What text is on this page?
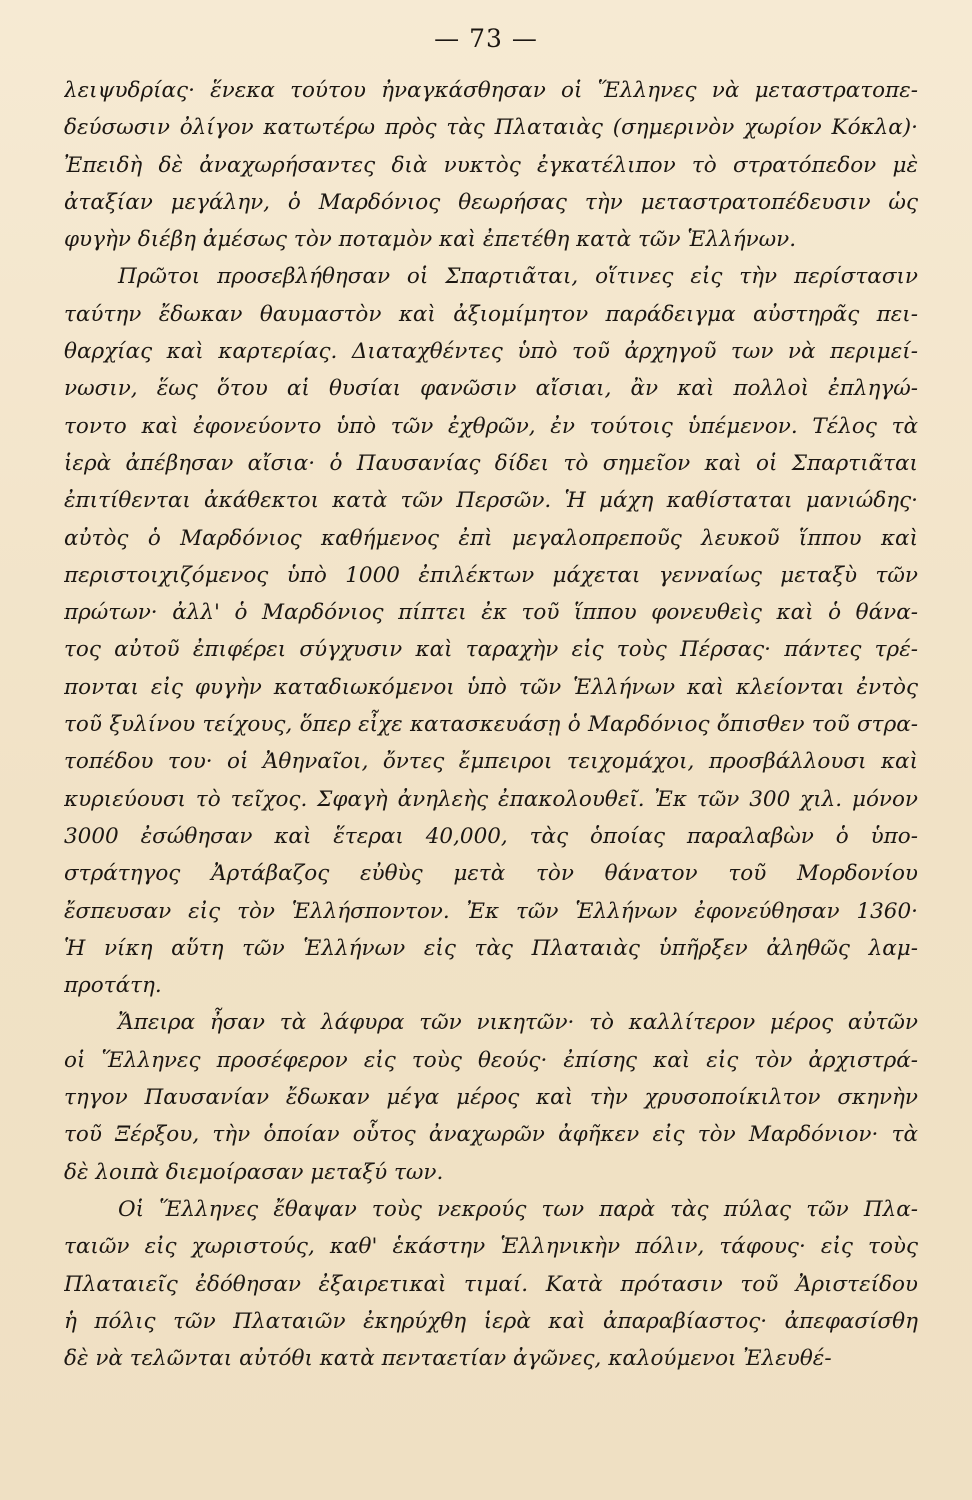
— 73 —
λειψυδρίας· ἕνεκα τούτου ἠναγκάσθησαν οἱ Ἕλληνες νὰ μεταστρατοπε-
δεύσωσιν ὀλίγον κατωτέρω πρὸς τὰς Πλαταιὰς (σημερινὸν χωρίον Κόκλα)·
Ἐπειδὴ δὲ ἀναχωρήσαντες διὰ νυκτὸς ἐγκατέλιπον τὸ στρατόπεδον μὲ
ἀταξίαν μεγάλην, ὁ Μαρδόνιος θεωρήσας τὴν μεταστρατοπέδευσιν ὡς
φυγὴν διέβη ἀμέσως τὸν ποταμὸν καὶ ἐπετέθη κατὰ τῶν Ἑλλήνων.
Πρῶτοι προσεβλήθησαν οἱ Σπαρτιᾶται, οἵτινες εἰς τὴν περίστασιν
ταύτην ἔδωκαν θαυμαστὸν καὶ ἀξιομίμητον παράδειγμα αὐστηρᾶς πει-
θαρχίας καὶ καρτερίας. Διαταχθέντες ὑπὸ τοῦ ἀρχηγοῦ των νὰ περιμεί-
νωσιν, ἕως ὅτου αἱ θυσίαι φανῶσιν αἴσιαι, ἂν καὶ πολλοὶ ἐπληγώ-
τοντο καὶ ἐφονεύοντο ὑπὸ τῶν ἐχθρῶν, ἐν τούτοις ὑπέμενον. Τέλος τὰ
ἱερὰ ἀπέβησαν αἴσια· ὁ Παυσανίας δίδει τὸ σημεῖον καὶ οἱ Σπαρτιᾶται
ἐπιτίθενται ἀκάθεκτοι κατὰ τῶν Περσῶν. Ἡ μάχη καθίσταται μανιώδης·
αὐτὸς ὁ Μαρδόνιος καθήμενος ἐπὶ μεγαλοπρεποῦς λευκοῦ ἵππου καὶ
περιστοιχιζόμενος ὑπὸ 1000 ἐπιλέκτων μάχεται γενναίως μεταξὺ τῶν
πρώτων· ἀλλ' ὁ Μαρδόνιος πίπτει ἐκ τοῦ ἵππου φονευθεὶς καὶ ὁ θάνα-
τος αὐτοῦ ἐπιφέρει σύγχυσιν καὶ ταραχὴν εἰς τοὺς Πέρσας· πάντες τρέ-
πονται εἰς φυγὴν καταδιωκόμενοι ὑπὸ τῶν Ἑλλήνων καὶ κλείονται ἐντὸς
τοῦ ξυλίνου τείχους, ὅπερ εἶχε κατασκευάσῃ ὁ Μαρδόνιος ὄπισθεν τοῦ στρα-
τοπέδου του· οἱ Ἀθηναῖοι, ὄντες ἔμπειροι τειχομάχοι, προσβάλλουσι καὶ
κυριεύουσι τὸ τεῖχος. Σφαγὴ ἀνηλεὴς ἐπακολουθεῖ. Ἐκ τῶν 300 χιλ. μόνον
3000 ἐσώθησαν καὶ ἕτεραι 40,000, τὰς ὁποίας παραλαβὼν ὁ ὑπο-
στράτηγος Ἀρτάβαζος εὐθὺς μετὰ τὸν θάνατον τοῦ Μορδονίου
ἔσπευσαν εἰς τὸν Ἑλλήσποντον. Ἐκ τῶν Ἑλλήνων ἐφονεύθησαν 1360·
Ἡ νίκη αὕτη τῶν Ἑλλήνων εἰς τὰς Πλαταιὰς ὑπῆρξεν ἀληθῶς λαμ-
προτάτη.
Ἄπειρα ἦσαν τὰ λάφυρα τῶν νικητῶν· τὸ καλλίτερον μέρος αὐτῶν
οἱ Ἕλληνες προσέφερον εἰς τοὺς θεούς· ἐπίσης καὶ εἰς τὸν ἀρχιστρά-
τηγον Παυσανίαν ἔδωκαν μέγα μέρος καὶ τὴν χρυσοποίκιλτον σκηνὴν
τοῦ Ξέρξου, τὴν ὁποίαν οὗτος ἀναχωρῶν ἀφῆκεν εἰς τὸν Μαρδόνιον· τὰ
δὲ λοιπὰ διεμοίρασαν μεταξύ των.
Οἱ Ἕλληνες ἔθαψαν τοὺς νεκρούς των παρὰ τὰς πύλας τῶν Πλα-
ταιῶν εἰς χωριστούς, καθ' ἑκάστην Ἑλληνικὴν πόλιν, τάφους· εἰς τοὺς
Πλαταιεῖς ἐδόθησαν ἐξαιρετικαὶ τιμαί. Κατὰ πρότασιν τοῦ Ἀριστείδου
ἡ πόλις τῶν Πλαταιῶν ἐκηρύχθη ἱερὰ καὶ ἀπαραβίαστος· ἀπεφασίσθη
δὲ νὰ τελῶνται αὐτόθι κατὰ πενταετίαν ἀγῶνες, καλούμενοι Ἐλευθέ-
